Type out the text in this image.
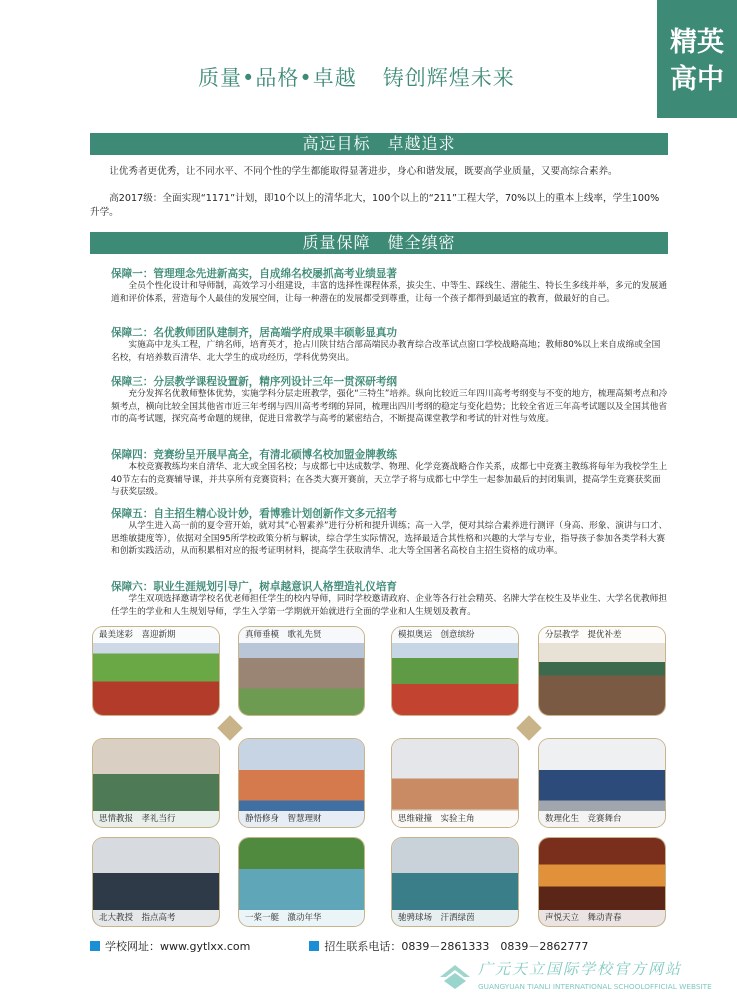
精英
高中
质量•品格•卓越 铸创辉煌未来
高远目标　卓越追求
让优秀者更优秀，让不同水平、不同个性的学生都能取得显著进步，身心和谐发展，既要高学业质量，又要高综合素养。
高2017级：全面实现“1171”计划，即10个以上的清华北大，100个以上的“211”工程大学，70%以上的重本上线率，学生100%升学。
质量保障　健全缜密
保障一：管理理念先进新高实，自成绵名校屡抓高考业绩显著
全员个性化设计和导师制，高效学习小组建设，丰富的选择性课程体系，拔尖生、中等生、踩线生、潜能生、特长生多线并举，多元的发展通道和评价体系，营造每个人最佳的发展空间，让每一种潜在的发展都受到尊重，让每一个孩子都得到最适宜的教育，做最好的自己。
保障二：名优教师团队建制齐，居高端学府成果丰硕彰显真功
实施高中龙头工程，广纳名师，培育英才，抢占川陕甘结合部高端民办教育综合改革试点窗口学校战略高地；教师80%以上来自成绵或全国名校，有培养数百清华、北大学生的成功经历，学科优势突出。
保障三：分层教学课程设置新，精序列设计三年一贯深研考纲
充分发挥名优教师整体优势，实施学科分层走班教学，强化“三特生”培养。纵向比较近三年四川高考考纲变与不变的地方，梳理高频考点和冷频考点，横向比较全国其他省市近三年考纲与四川高考考纲的异同，梳理出四川考纲的稳定与变化趋势；比较全省近三年高考试题以及全国其他省市的高考试题，探究高考命题的规律，促进日常教学与高考的紧密结合，不断提高课堂教学和考试的针对性与效度。
保障四：竞赛纷呈开展早高全，有清北硕博名校加盟金牌教练
本校竞赛教练均来自清华、北大或全国名校；与成都七中达成数学、物理、化学竞赛战略合作关系，成都七中竞赛主教练将每年为我校学生上40节左右的竞赛辅导课，并共享所有竞赛资料；在各类大赛开赛前，天立学子将与成都七中学生一起参加最后的封闭集训，提高学生竞赛获奖面与获奖层级。
保障五：自主招生精心设计妙，看博雅计划创新作文多元招考
从学生进入高一前的夏令营开始，就对其“心智素养”进行分析和提升训练；高一入学，便对其综合素养进行测评（身高、形象、演讲与口才、思维敏捷度等），依据对全国95所学校政策分析与解读，综合学生实际情况，选择最适合其性格和兴趣的大学与专业，指导孩子参加各类学科大赛和创新实践活动，从而积累相对应的报考证明材料，提高学生获取清华、北大等全国著名高校自主招生资格的成功率。
保障六：职业生涯规划引导广，树卓越意识人格塑造礼仪培育
学生双项选择邀请学校名优老师担任学生的校内导师，同时学校邀请政府、企业等各行社会精英、名牌大学在校生及毕业生、大学名优教师担任学生的学业和人生规划导师，学生入学第一学期就开始就进行全面的学业和人生规划及教育。
最美迷彩　喜迎新期	真师垂模　歌礼先贤	模拟奥运　创意缤纷	分层教学　提优补差
思情教报　孝礼当行	静悟修身　智慧理财	思维碰撞　实验主角	数理化生　竞赛舞台
北大教授　指点高考	一桨一艇　激动年华	驰骋球场　汗洒绿茵	声悦天立　舞动青春
学校网址：www.gytlxx.com	招生联系电话：0839－2861333　0839－2862777
广元天立国际学校官方网站
GUANGYUAN TIANLI INTERNATIONAL SCHOOLOFFICIAL WEBSITE
